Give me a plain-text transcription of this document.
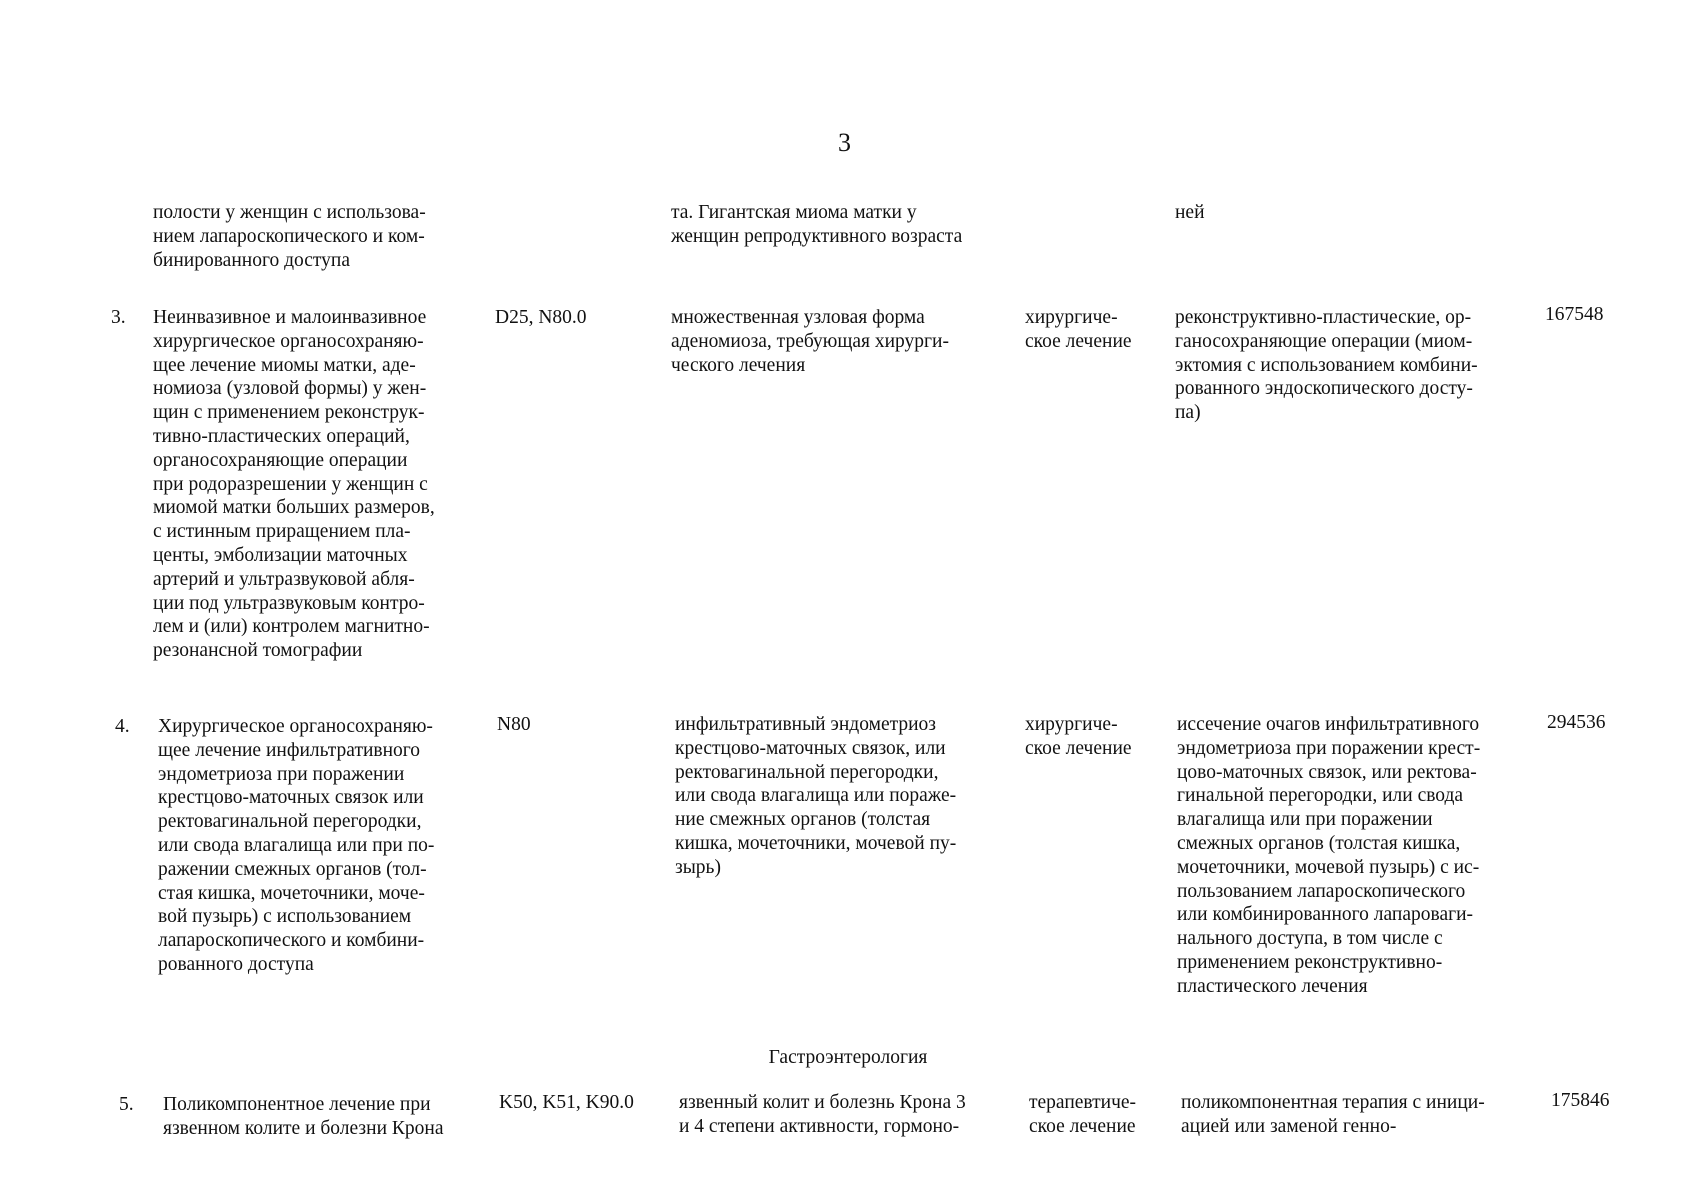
3
полости у женщин с использова-
нием лапароскопического и ком-
бинированного доступа
та. Гигантская миома матки у
женщин репродуктивного возраста
ней
3. Неинвазивное и малоинвазивное
хирургическое органосохраняю-
щее лечение миомы матки, аде-
номиоза (узловой формы) у жен-
щин с применением реконструк-
тивно-пластических операций,
органосохраняющие операции
при родоразрешении у женщин с
миомой матки больших размеров,
с истинным приращением пла-
центы, эмболизации маточных
артерий и ультразвуковой абля-
ции под ультразвуковым контро-
лем и (или) контролем магнитно-
резонансной томографии
D25, N80.0	множественная узловая форма
аденомиоза, требующая хирурги-
ческого лечения
хирургиче-
ское лечение
реконструктивно-пластические, ор-
ганосохраняющие операции (миом-
эктомия с использованием комбини-
рованного эндоскопического досту-
па)
167548
4. Хирургическое органосохраняю-
щее лечение инфильтративного
эндометриоза при поражении
крестцово-маточных связок или
ректовагинальной перегородки,
или свода влагалища или при по-
ражении смежных органов (тол-
стая кишка, мочеточники, моче-
вой пузырь) с использованием
лапароскопического и комбини-
рованного доступа
N80	инфильтративный эндометриоз
крестцово-маточных связок, или
ректовагинальной перегородки,
или свода влагалища или пораже-
ние смежных органов (толстая
кишка, мочеточники, мочевой пу-
зырь)
хирургиче-
ское лечение
иссечение очагов инфильтративного
эндометриоза при поражении крест-
цово-маточных связок, или ректова-
гинальной перегородки, или свода
влагалища или при поражении
смежных органов (толстая кишка,
мочеточники, мочевой пузырь) с ис-
пользованием лапароскопического
или комбинированного лапароваги-
нального доступа, в том числе с
применением реконструктивно-
пластического лечения
294536
Гастроэнтерология
5. Поликомпонентное лечение при
язвенном колите и болезни Крона
K50, K51, K90.0 язвенный колит и болезнь Крона 3
и 4 степени активности, гормоно-
терапевтиче-
ское лечение
поликомпонентная терапия с иници-
ацией или заменой генно-
175846
